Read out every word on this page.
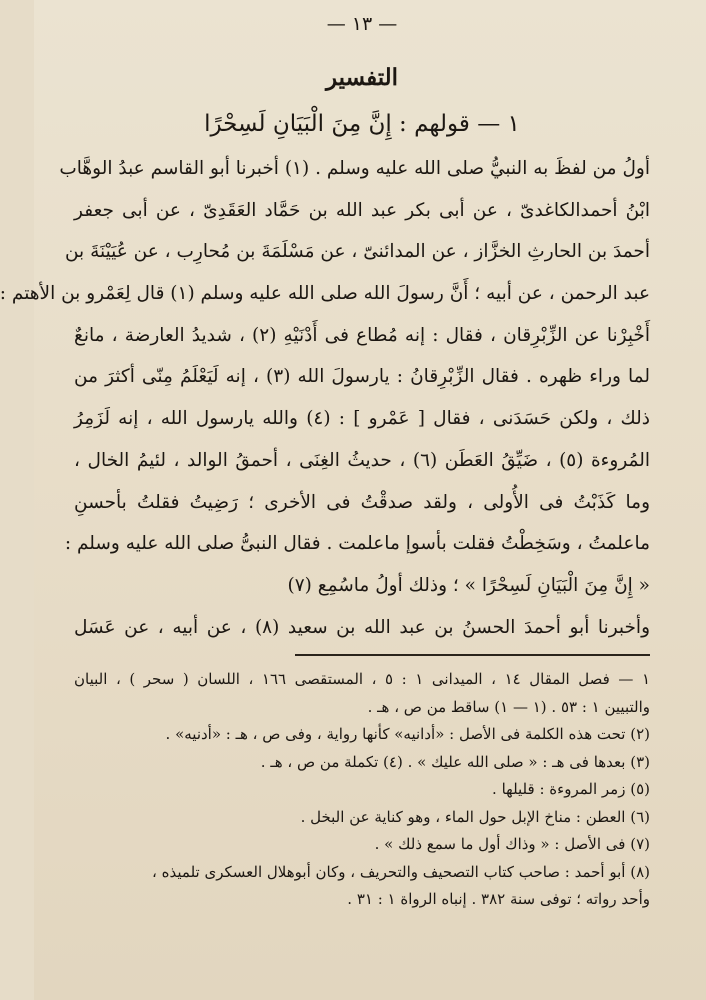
— ١٣ —
التفسير
١ — قولهم : إِنَّ مِنَ الْبَيَانِ لَسِحْرًا
أولُ من لفظَ به النبيُّ صلى الله عليه وسلم . (١) أخبرنا أبو القاسم عبدُ الوهَّاب
ابْنُ أحمدالكاغدىّ ، عن أبى بكر عبد الله بن حَمَّاد العَقَدِىّ ، عن أبى جعفر
أحمدَ بن الحارثِ الخزَّاز ، عن المدائنىّ ، عن مَسْلَمَةَ بن مُحارِب ، عن عُيَيْنَةَ بن
عبد الرحمن ، عن أبيه ؛ أَنَّ رسولَ الله صلى الله عليه وسلم (١) قال لِعَمْرو بن الأهتم :
أَخْبِرْنا عن الزِّبْرِقان ، فقال : إنه مُطاع فى أَدْنَيْهِ (٢) ، شديدُ العارضة ، مانعٌ
لما وراء ظهره . فقال الزِّبْرِقانُ : يارسولَ الله (٣) ، إنه لَيَعْلَمُ مِنّى أكثرَ من
ذلك ، ولكن حَسَدَنى ، فقال [ عَمْرو ] : (٤) والله يارسول الله ، إنه لَزَمِرُ
المُروءة (٥) ، ضَيِّقُ العَطَن (٦) ، حديثُ الغِنَى ، أحمقُ الوالد ، لئيمُ الخال ،
وما كَذَبْتُ فى الأُولى ، ولقد صدقْتُ فى الأخرى ؛ رَضِيتُ فقلتُ بأحسنِ
ماعلمتُ ، وسَخِطْتُ فقلت بأسوإ ماعلمت . فقال النبىُّ صلى الله عليه وسلم :
« إِنَّ مِنَ الْبَيَانِ لَسِحْرًا » ؛ وذلك أولُ ماسُمِع (٧)
وأخبرنا أبو أحمدَ الحسنُ بن عبد الله بن سعيد (٨) ، عن أبيه ، عن عَسَل
١ — فصل المقال ١٤ ، الميدانى ١ : ٥ ، المستقصى ١٦٦ ، اللسان ( سحر ) ، البيان
والتبيين ١ : ٥٣ . (١ — ١) ساقط من ص ، هـ .
(٢) تحت هذه الكلمة فى الأصل : «أدانيه» كأنها رواية ، وفى ص ، هـ : «أدنيه» .
(٣) بعدها فى هـ : « صلى الله عليك » . (٤) تكملة من ص ، هـ .
(٥) زمر المروءة : قليلها .
(٦) العطن : مناخ الإبل حول الماء ، وهو كناية عن البخل .
(٧) فى الأصل : « وذاك أول ما سمع ذلك » .
(٨) أبو أحمد : صاحب كتاب التصحيف والتحريف ، وكان أبوهلال العسكرى تلميذه ،
وأحد رواته ؛ توفى سنة ٣٨٢ . إنباه الرواة ١ : ٣١ .
